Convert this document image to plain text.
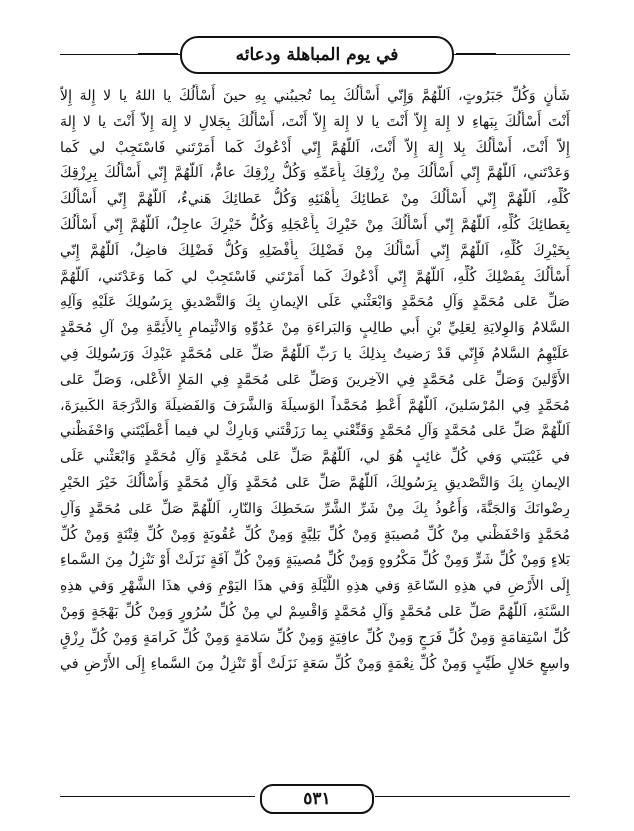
في يوم المباهلة ودعائه
شَأْنٍ وَكُلِّ جَبَرُوتٍ، اَللّهُمَّ وَإِنّي أَسْأَلُكَ بِما تُجيبُني بِهِ حينَ أَسْأَلُكَ يا اللهُ يا لا إِلهَ إِلاّ
أَنْتَ أَسْأَلُكَ بِبَهاءِ لا إِلهَ إِلاّ أَنْتَ يا لا إِلهَ إِلاّ أَنْتَ، أَسْأَلُكَ بِجَلالِ لا إِلهَ إِلاّ أَنْتَ يا لا إِلهَ
إِلاّ أَنْتَ، أَسْأَلُكَ بِلا إِلهَ إِلاّ أَنْتَ، اَللّهُمَّ إِنّي أَدْعُوكَ كَما أَمَرْتَني فَاسْتَجِبْ لي كَما
وَعَدْتَني، اَللّهُمَّ إِنّي أَسْأَلُكَ مِنْ رِزْقِكَ بِأَعَمِّهِ وَكُلُّ رِزْقِكَ عامٌّ، اَللّهُمَّ إِنّي أَسْأَلُكَ بِرِزْقِكَ
كُلِّهِ، اَللّهُمَّ إِنّي أَسْأَلُكَ مِنْ عَطائِكَ بِأَهْنَئِهِ وَكُلُّ عَطائِكَ هَنيءٌ، اَللّهُمَّ إِنّي أَسْأَلُكَ
بِعَطائِكَ كُلِّهِ، اَللّهُمَّ إِنّي أَسْأَلُكَ مِنْ خَيْرِكَ بِأَعْجَلِهِ وَكُلُّ خَيْرِكَ عاجِلٌ، اَللّهُمَّ إِنّي أَسْأَلُكَ
بِخَيْرِكَ كُلِّهِ، اَللّهُمَّ إِنّي أَسْأَلُكَ مِنْ فَضْلِكَ بِأَفْضَلِهِ وَكُلُّ فَضْلِكَ فاضِلٌ، اَللّهُمَّ إِنّي
أَسْأَلُكَ بِفَضْلِكَ كُلِّهِ، اَللّهُمَّ إِنّي أَدْعُوكَ كَما أَمَرْتَني فَاسْتَجِبْ لي كَما وَعَدْتَني، اَللّهُمَّ
صَلِّ عَلى مُحَمَّدٍ وَآلِ مُحَمَّدٍ وَابْعَثْني عَلَى الإيمانِ بِكَ وَالتَّصْديقِ بِرَسُولِكَ عَلَيْهِ وَآلِهِ
السَّلامُ وَالوِلايَةِ لِعَلِيِّ بْنِ أَبي طالِبٍ وَالبَراءَةِ مِنْ عَدُوِّهِ وَالائْتِمامِ بِالأَئِمَّةِ مِنْ آلِ مُحَمَّدٍ
عَلَيْهِمُ السَّلامُ فَإِنّي قَدْ رَضيتُ بِذلِكَ يا رَبِّ اَللّهُمَّ صَلِّ عَلى مُحَمَّدٍ عَبْدِكَ وَرَسُولِكَ فِي
الأَوَّلينَ وَصَلِّ عَلى مُحَمَّدٍ فِي الآخِرينَ وَصَلِّ عَلى مُحَمَّدٍ فِي المَلإِ الأَعْلى، وَصَلِّ عَلى
مُحَمَّدٍ فِي المُرْسَلينَ، اَللّهُمَّ أَعْطِ مُحَمَّداً الوَسيلَةَ وَالشَّرَفَ وَالفَضيلَةَ وَالدَّرَجَةَ الكَبيرَةَ،
اَللّهُمَّ صَلِّ عَلى مُحَمَّدٍ وَآلِ مُحَمَّدٍ وَقَنِّعْني بِما رَزَقْتَني وَبارِكْ لي فيما أَعْطَيْتَني وَاحْفَظْني
في غَيْبَتي وَفي كُلِّ غائِبٍ هُوَ لي، اَللّهُمَّ صَلِّ عَلى مُحَمَّدٍ وَآلِ مُحَمَّدٍ وَابْعَثْني عَلَى
الإيمانِ بِكَ وَالتَّصْديقِ بِرَسُولِكَ، اَللّهُمَّ صَلِّ عَلى مُحَمَّدٍ وَآلِ مُحَمَّدٍ وَأَسْأَلُكَ خَيْرَ الخَيْرِ
رِضْوانَكَ وَالجَنَّةَ، وَأَعُوذُ بِكَ مِنْ شَرِّ الشَّرِّ سَخَطِكَ وَالنّارِ، اَللّهُمَّ صَلِّ عَلى مُحَمَّدٍ وَآلِ
مُحَمَّدٍ وَاحْفَظْني مِنْ كُلِّ مُصيبَةٍ وَمِنْ كُلِّ بَلِيَّةٍ وَمِنْ كُلِّ عُقُوبَةٍ وَمِنْ كُلِّ فِتْنَةٍ وَمِنْ كُلِّ
بَلاءٍ وَمِنْ كُلِّ شَرٍّ وَمِنْ كُلِّ مَكْرُوهٍ وَمِنْ كُلِّ مُصيبَةٍ وَمِنْ كُلِّ آفَةٍ نَزَلَتْ أَوْ تَنْزِلُ مِنَ السَّماءِ
إِلَى الأَرْضِ في هذِهِ السّاعَةِ وَفي هذِهِ اللَّيْلَةِ وَفي هذَا اليَوْمِ وَفي هذَا الشَّهْرِ وَفي هذِهِ
السَّنَةِ، اَللّهُمَّ صَلِّ عَلى مُحَمَّدٍ وَآلِ مُحَمَّدٍ وَاقْسِمْ لي مِنْ كُلِّ سُرُورٍ وَمِنْ كُلِّ بَهْجَةٍ وَمِنْ
كُلِّ اسْتِقامَةٍ وَمِنْ كُلِّ فَرَجٍ وَمِنْ كُلِّ عافِيَةٍ وَمِنْ كُلِّ سَلامَةٍ وَمِنْ كُلِّ كَرامَةٍ وَمِنْ كُلِّ رِزْقٍ
واسِعٍ حَلالٍ طَيِّبٍ وَمِنْ كُلِّ نِعْمَةٍ وَمِنْ كُلِّ سَعَةٍ نَزَلَتْ أَوْ تَنْزِلُ مِنَ السَّماءِ إِلَى الأَرْضِ في
٥٣١
